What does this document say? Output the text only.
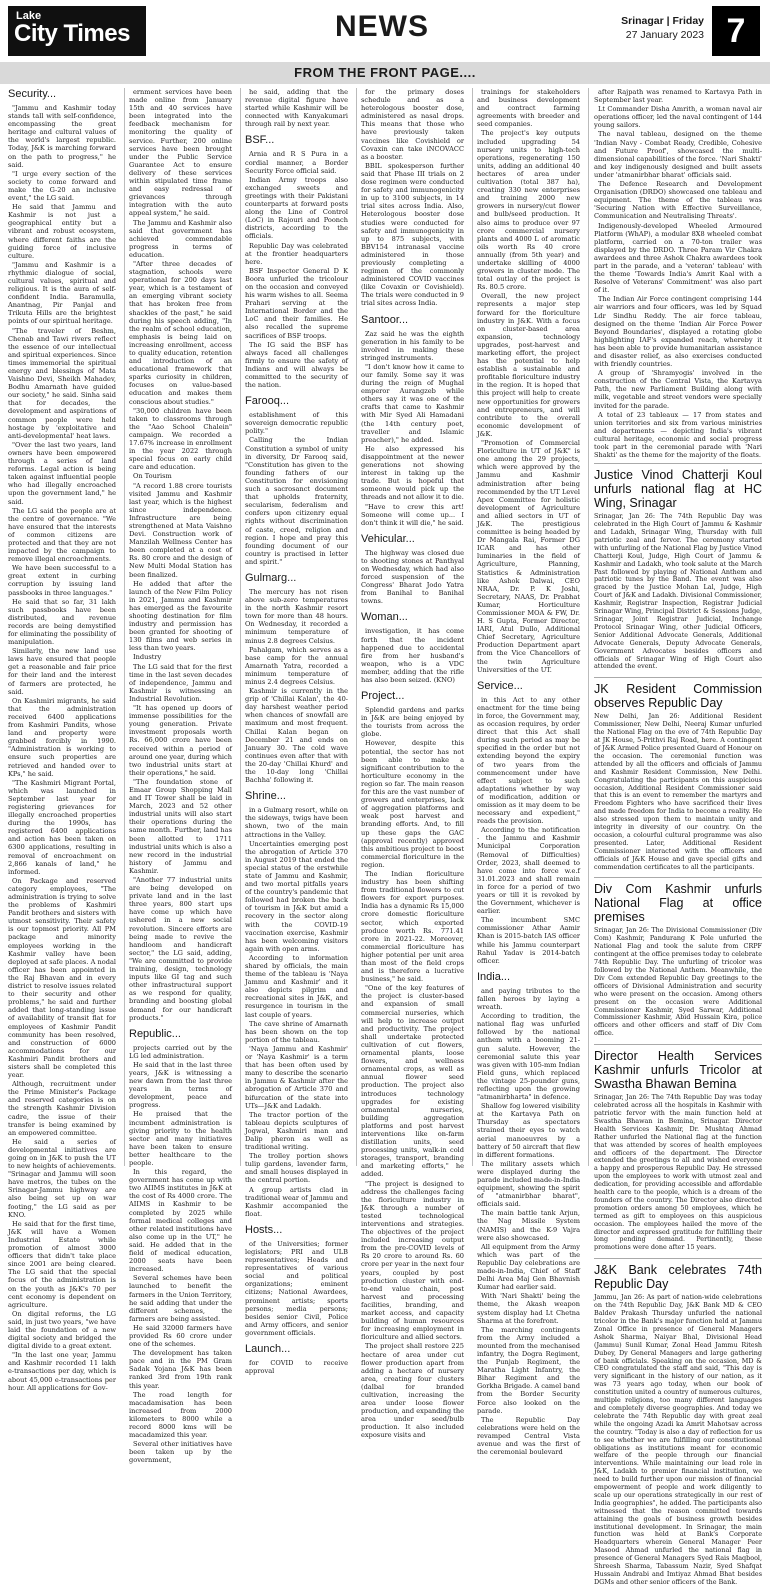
Lake
City Times	NEWS	Srinagar | Friday
27 January 2023 7
FROM THE FRONT PAGE....
Security...
"Jammu and Kashmir today stands tall with self-confidence, encompassing the great heritage and cultural values of the world's largest republic. Today, J&K is marching forward on the path to progress," he said.
"I urge every section of the society to come forward and make the G-20 an inclusive event," the LG said.
He said that Jammu and Kashmir is not just a geographical entity but a vibrant and robust ecosystem, where different faiths are the guiding force of inclusive culture.
"Jammu and Kashmir is a rhythmic dialogue of social, cultural values, spiritual and religious. It is the aura of self-confident India. Baramulla, Anantnag, Pir Panjal and Trikuta Hills are the brightest points of our spiritual heritage.
"The traveler of Beshm, Chenab and Tawi rivers reflect the essence of our intellectual and spiritual experiences. Since times immemorial the spiritual energy and blessings of Mata Vaishno Devi, Sheikh Mahadev, Bodhu Amarnath have guided our society," he said. Sinha said that for decades, the development and aspirations of common people were held hostage by 'exploitative and anti-developmental' heat laws.
"Over the last two years, land owners have been empowered through a series of land reforms. Legal action is being taken against influential people who had illegally encroached upon the government land," he said.
The LG said the people are at the centre of governance. "We have ensured that the interests of common citizens are protected and that they are not impacted by the campaign to remove illegal encroachments.
We have been successful to a great extent in curbing corruption by issuing land passbooks in three languages."
He said that so far, 31 lakh such passbooks have been distributed, and revenue records are being demystified for eliminating the possibility of manipulation.
Similarly, the new land use laws have ensured that people get a reasonable and fair price for their land and the interest of farmers are protected, he said.
On Kashmiri migrants, he said that the administration received 6400 applications from Kashmiri Pandits, whose land and property were grabbed forcibly in 1990. "Administration is working to ensure such properties are retrieved and handed over to KPs," he said.
"The Kashmiri Migrant Portal, which was launched in September last year for registering grievances for illegally encroached properties during the 1990s, has registered 6400 applications and action has been taken on 6300 applications, resulting in removal of encroachment on 2,866 kanals of land," he informed.
On Package and reserved category employees, "The administration is trying to solve the problems of Kashmiri Pandit brothers and sisters with utmost sensitivity. Their safety is our topmost priority. All PM package and minority employees working in the Kashmir valley have been deployed at safe places. A nodal officer has been appointed in the Raj Bhavan and in every district to resolve issues related to their security and other problems," he said and further added that long-standing issue of availability of transit flat for employees of Kashmir Pandit community has been resolved, and construction of 6000 accommodations for our Kashmiri Pandit brothers and sisters shall be completed this year.
Although, recruitment under the Prime Minister's Package and reserved categories is on the strength Kashmir Division cadre, the issue of their transfer is being examined by an empowered committee.
He said a series of developmental initiatives are going on in J&K to push the UT to new heights of achievements. "Srinagar and Jammu will soon have metros, the tubes on the Srinagar-Jammu highway are also being set up on war footing," the LG said as per KNO.
He said that for the first time, J&K will have a Women Industrial Estate while promotion of almost 3000 officers that didn't take place since 2001 are being cleared. The LG said that the special focus of the administration is on the youth as J&K's 70 per cent economy is dependent on agriculture.
On digital reforms, the LG said, in just two years, "we have laid the foundation of a new digital society and bridged the digital divide to a great extent.
"In the last one year, Jammu and Kashmir recorded 11 lakh e-transactions per day, which is about 45,000 e-transactions per hour. All applications for Gov-
ernment services have been made online from January 15th and 40 services have been integrated into the feedback mechanism for monitoring the quality of service. Further, 200 online services have been brought under the Public Service Guarantee Act to ensure delivery of these services within stipulated time frame and easy redressal of grievances through integration with the auto appeal system," he said.
The Jammu and Kashmir also said that government has achieved commendable progress in terms of education.
"After three decades of stagnation, schools were operational for 200 days last year, which is a testament of an emerging vibrant society that has broken free from shackles of the past," he said during his speech adding, "In the realm of school education, emphasis is being laid on increasing enrollment, access to quality education, retention and introduction of an educational framework that sparks curiosity in children, focuses on value-based education and makes them conscious about studies."
"30,000 children have been taken to classrooms through the "Aao School Chalein" campaign. We recorded a 17.67% increase in enrollment in the year 2022 through special focus on early child care and education.
On Tourism
"A record 1.88 crore tourists visited Jammu and Kashmir last year, which is the highest since independence. Infrastructure are being strengthened at Mata Vaishno Devi. Construction work of Manzilah Wellness Center has been completed at a cost of Rs. 80 crore and the design of New Multi Modal Station has been finalized.
He added that after the launch of the New Film Policy in 2021, Jammu and Kashmir has emerged as the favourite shooting destination for film industry and permission has been granted for shooting of 130 films and web series in less than two years.
Industry
The LG said that for the first time in the last seven decades of independence, Jammu and Kashmir is witnessing an Industrial Revolution.
"It has opened up doors of immense possibilities for the young generation. Private investment proposals worth Rs. 66,000 crore have been received within a period of around one year, during which two industrial units start at their operations," he said.
"The foundation stone of Emaar Group Shopping Mall and IT Tower shall be laid in March, 2023 and 52 other industrial units will also start their operations during the same month. Further, land has been allotted to 1711 industrial units which is also a new record in the industrial history of Jammu and Kashmir.
"Another 77 industrial units are being developed on private land and in the last three years, 800 start ups have come up which have ushered in a new social revolution. Sincere efforts are being made to revive the handloom and handicraft sector," the LG said, adding, "We are committed to provide training, design, technology inputs like GI tag and such other infrastructural support as we respond for quality, branding and boosting global demand for our handicraft products."
Republic...
projects carried out by the LG led administration.
He said that in the last three years, J&K is witnessing a new dawn from the last three years in terms of development, peace and progress.
He praised that the incumbent administration is giving priority to the health sector and many initiatives have been taken to ensure better healthcare to the people.
In this regard, the government has come up with two AIIMS institutes in J&K at the cost of Rs 4000 crore. The AIIMS in Kashmir to be completed by 2025 while formal medical colleges and other related institutions have also come up in the UT," he said. He added that in the field of medical education, 2000 seats have been increased.
Several schemes have been launched to benefit the farmers in the Union Territory, he said adding that under the different schemes, the farmers are being assisted.
He said 32000 farmers have provided Rs 60 crore under one of the schemes.
The development has taken pace and in the PM Gram Sadak Yojana J&K has been ranked 3rd from 19th rank this year.
The road length for macadamisation has been increased from 2000 kilometers to 8000 while a record 8000 kms will be macadamized this year.
Several other initiatives have been taken up by the government,
he said, adding that the revenue digital figure have started while Kashmir will be connected with Kanyakumari through rail by next year.
BSF...
Arnia and R S Pura in a cordial manner, a Border Security Force official said.
Indian Army troops also exchanged sweets and greetings with their Pakistani counterparts at forward posts along the Line of Control (LoC) in Rajouri and Poonch districts, according to the officials.
Republic Day was celebrated at the frontier headquarters here.
BSF Inspector General D K Boora unfurled the tricolour on the occasion and conveyed his warm wishes to all. Seema Prahari serving at the International Border and the LoC and their families. He also recalled the supreme sacrifices of BSF troops.
The IG said the BSF has always faced all challenges firmly to ensure the safety of Indians and will always be committed to the security of the nation.
Farooq...
establishment of this sovereign democratic republic polity."
Calling the Indian Constitution a symbol of unity in diversity, Dr Farooq said, "Constitution has given to the founding fathers of our Constitution for envisioning such a sacrosanct document that upholds fraternity, secularism, federalism and confers upon citizenry equal rights without discrimination of caste, creed, religion and region. I hope and pray this founding document of our country is practised in letter and spirit."
Gulmarg...
The mercury has not risen above sub-zero temperatures in the north Kashmir resort town for more than 48 hours. On Wednesday, it recorded a minimum temperature of minus 2.8 degrees Celsius.
Pahalgam, which serves as a base camp for the annual Amarnath Yatra, recorded a minimum temperature of minus 2.4 degrees Celsius.
Kashmir is currently in the grip of 'Chillai Kalan', the 40-day harshest weather period when chances of snowfall are maximum and most frequent. Chillai Kalan began on December 21 and ends on January 30. The cold wave continues even after that with the 20-day 'Chillai Khurd' and the 10-day long 'Chillai Bachha' following it.
Shrine...
in a Gulmarg resort, while on the sideways, twigs have been shown, two of the main attractions in the Valley.
Uncertainties emerging post the abrogation of Article 370 in August 2019 that ended the special status of the erstwhile state of Jammu and Kashmir, and two mortal pitfalls years of the country's pandemic that followed had broken the back of tourism in J&K but amid a recovery in the sector along with the COVID-19 vaccination exercise, Kashmir has been welcoming visitors again with open arms.
According to information shared by officials, the main theme of the tableau is 'Naya Jammu and Kashmir' and it also depicts pilgrim and recreational sites in J&K, and resurgence in tourism in the last couple of years.
The cave shrine of Amarnath has been shown on the top portion of the tableau.
'Naya Jammu and Kashmir' or 'Naya Kashmir' is a term that has been often used by many to describe the scenario in Jammu & Kashmir after the abrogation of Article 370 and bifurcation of the state into UTs—J&K and Ladakh.
The tractor portion of the tableau depicts sculptures of Jogwal, Kashmiri man and Dalip pheron as well as traditional writing.
The trolley portion shows tulip gardens, lavender farm, and small houses displayed in the central portion.
A group artists clad in traditional wear of Jammu and Kashmir accompanied the float.
Hosts...
of the Universities; former legislators; PRI and ULB representatives; Heads and representatives of various social and political organizations; eminent citizens; National Awardees, prominent artists; sports persons; media persons; besides senior Civil, Police and Army officers, and senior government officials.
Launch...
for COVID to receive approval
for the primary doses schedule and as a heterologous booster dose, administered as nasal drops. This means that those who have previously taken vaccines like Covishield or Covaxin can take iNCOVACC as a booster.
BBIL spokesperson further said that Phase III trials on 2 dose regimen were conducted for safety and immunogenicity in up to 3100 subjects, in 14 trial sites across India. Also, Heterologous booster dose studies were conducted for safety and immunogenicity in up to 875 subjects, with BBV154 intranasal vaccine administered in those previously completing a regimen of the commonly administered COVID vaccines (like Covaxin or Covishield). The trials were conducted in 9 trial sites across India.
Santoor...
Zaz said he was the eighth generation in his family to be involved in making these stringed instruments.
"I don't know how it came to our family. Some say it was during the reign of Mughal emperor Aurangzeb while others say it was one of the crafts that came to Kashmir with Mir Syed Ali Hamadani (the 14th century poet, traveller and Islamic preacher)," he added.
He also expressed his disappointment at the newer generations not showing interest in taking up the trade. But is hopeful that someone would pick up the threads and not allow it to die.
"Have to crew this art! Someone will come up... I don't think it will die," he said.
Vehicular...
The highway was closed due to shooting stones at Panthyal on Wednesday, which had also forced suspension of the Congress' Bharat Jodo Yatra from Banihal to Banihal towns.
Woman...
investigation, it has come forth that the incident happened due to accidental fire from her husband's weapon, who is a VDC member, adding that the rifle has also been seized. (KNO)
Project...
Splendid gardens and parks in J&K are being enjoyed by the tourists from across the globe.
However, despite this potential, the sector has not been able to make a significant contribution to the horticulture economy in the region so far. The main reason for this are the vast number of growers and enterprises, lack of aggregation platforms and weak post harvest and branding efforts. And, to fill up these gaps the GAC (approval recently) approved this ambitious project to boost commercial floriculture in the region.
The Indian floriculture industry has been shifting from traditional flowers to cut flowers for export purposes. India has a dynamic Rs 15,000 crore domestic floriculture sector, which exported produce worth Rs. 771.41 crore in 2021-22. Moreover, commercial floriculture has higher potential per unit area than most of the field crops and is therefore a lucrative business," he said.
"One of the key features of the project is cluster-based and expansion of small commercial nurseries, which will help to increase output and productivity. The project shall undertake protected cultivation of cut flowers, ornamental plants, loose flowers, and wellness ornamental crops, as well as annual flower seed production. The project also introduces technology upgrades for existing ornamental nurseries, building aggregation platforms and post harvest interventions like on-farm distillation units, seed processing units, walk-in cold storages, transport, branding and marketing efforts," he added.
"The project is designed to address the challenges facing the floriculture industry in J&K through a number of tested technological interventions and strategies. The objectives of the project included increasing output from the pre-COVID levels of Rs 20 crore to around Rs. 60 crore per year in the next four years, coupled by post production cluster with end-to-end value chain, post harvest and processing facilities, branding, and market access, and capacity building of human resources for increasing employment in floriculture and allied sectors.
The project shall restore 225 hectare of area under cut flower production apart from adding a hectare of nursery area, creating four clusters (dalbal for branded cultivation, increasing the area under loose flower production, and expanding the area under seed/bulb production. It also included exposure visits and
trainings for stakeholders and business development and contract farming agreements with breeder and seed companies.
The project's key outputs included upgrading 54 nursery units to high-tech operations, regenerating 150 units, adding an additional 40 hectares of area under cultivation (total 387 ha), creating 330 new enterprises and training 2000 new growers in nursery/cut flower and bulb/seed production. It also aims to produce over 97 crore commercial nursery plants and 4000 L of aromatic oils worth Rs 40 crore annually (from 5th year) and undertake skilling of 4000 growers in cluster mode. The total outlay of the project is Rs. 80.5 crore.
Overall, the new project represents a major step forward for the floriculture industry in J&K. With a focus on cluster-based area expansion, technology upgrades, post-harvest and marketing effort, the project has the potential to help establish a sustainable and profitable floriculture industry in the region. It is hoped that this project will help to create new opportunities for growers and entrepreneurs, and will contribute to the overall economic development of J&K.
"Promotion of Commercial Floriculture in UT of J&K" is one among the 29 projects, which were approved by the Jammu and Kashmir administration after being recommended by the UT Level Apex Committee for holistic development of Agriculture and allied sectors in UT of J&K. The prestigious committee is being headed by Dr Mangala Rai, Former DG ICAR and has other luminaries in the field of Agriculture, Planning, Statistics & Administration like Ashok Dalwai, CEO NRAA, Dr. P. K Joshi, Secretary, NAAS, Dr. Prabhat Kumar, Horticulture Commissioner MOA & FW, Dr. H. S Gupta, Former Director, IARI, Atul Dullo, Additional Chief Secretary, Agriculture Production Department apart from the Vice Chancellors of the twin Agriculture Universities of the UT.
Service...
in this Act to any other enactment for the time being in force, the Government may, as occasion requires, by order direct that this Act shall during such period as may be specified in the order but not extending beyond the expiry of two years from the commencement under have effect subject to such adaptations whether by way of modification, addition or omission as it may deem to be necessary and expedient," reads the provision.
According to the notification - the Jammu and Kashmir Municipal Corporation (Removal of Difficulties) Order, 2023, shall deemed to have come into force w.e.f 31.01.2023 and shall remain in force for a period of two years or till it is revoked by the Government, whichever is earlier.
The incumbent SMC commissioner Athar Aamir Khan is 2015-batch IAS officer while his Jammu counterpart Rahul Yadav is 2014-batch officer.
India...
and paying tributes to the fallen heroes by laying a wreath.
According to tradition, the national flag was unfurled followed by the national anthem with a booming 21-gun salute. However, the ceremonial salute this year was given with 105-mm Indian Field guns, which replaced the vintage 25-pounder guns, reflecting upon the growing "atmanirbharta" in defence.
Shallow fog lowered visibility at the Kartavya Path on Thursday as spectators strained their eyes to watch aerial manoeuvres by a battery of 50 aircraft that flew in different formations.
The military assets which were displayed during the parade included made-in-India equipment, showing the spirit of "atmanirbhar bharat", officials said.
The main battle tank Arjun, the Nag Missile System (NAMIS) and the K-9 Vajra were also showcased.
All equipment from the Army which was part of the Republic Day celebrations are made-in-India, Chief of Staff Delhi Area Maj Gen Bhavnish Kumar had earlier said.
With 'Nari Shakti' being the theme, the Akash weapon system display had Lt Chetna Sharma at the forefront.
The marching contingents from the Army included a mounted from the mechanised infantry, the Dogra Regiment, the Punjab Regiment, the Maratha Light Infantry, the Bihar Regiment and the Gorkha Brigade. A camel band from the Border Security Force also looked on the parade.
The Republic Day celebrations were held on the revamped Central Vista avenue and was the first of the ceremonial boulevard
after Rajpath was renamed to Kartavya Path in September last year.
Lt Commander Disha Amrith, a woman naval air operations officer, led the naval contingent of 144 young sailors.
The naval tableau, designed on the theme 'Indian Navy - Combat Ready, Credible, Cohesive and Future Proof', showcased the multi-dimensional capabilities of the force. 'Nari Shakti' and key indigenously designed and built assets under 'atmanirbhar bharat' officials said.
The Defence Research and Development Organisation (DRDO) showcased one tableau and equipment. The theme of the tableau was 'Securing Nation with Effective Surveillance, Communication and Neutralising Threats'.
Indigenously-developed Wheeled Armoured Platform (WhAP), a modular 8X8 wheeled combat platform, carried on a 70-ton trailer was displayed by the DRDO. Three Param Vir Chakra awardees and three Ashok Chakra awardees took part in the parade, and a 'veteran' tableau' with the theme 'Towards India's Amrit Kaal with a Resolve of Veterans' Commitment' was also part of it.
The Indian Air Force contingent comprising 144 air warriors and four officers, was led by Squad Ldr Sindhu Reddy. The air force tableau, designed on the theme 'Indian Air Force Power Beyond Boundaries', displayed a rotating globe highlighting IAF's expanded reach, whereby it has been able to provide humanitarian assistance and disaster relief, as also exercises conducted with friendly countries.
A group of 'Shramyogis' involved in the construction of the Central Vista, the Kartavya Path, the new Parliament Building along with milk, vegetable and street vendors were specially invited for the parade.
A total of 23 tableaux — 17 from states and union territories and six from various ministries and departments — depicting India's vibrant cultural heritage, economic and social progress took part in the ceremonial parade with 'Nari Shakti' as the theme for the majority of the floats.
Justice Vinod Chatterji Koul unfurls national flag at HC Wing, Srinagar
Srinagar, Jan 26: The 74th Republic Day was celebrated in the High Court of Jammu & Kashmir and Ladakh, Srinagar Wing, Thursday with full patriotic zeal and fervor. The ceremony started with unfurling of the National Flag by Justice Vinod Chatterji Koul, Judge, High Court of Jammu & Kashmir and Ladakh, who took salute at the March Past followed by playing of National Anthem and patriotic tunes by the Band. The event was also graced by the Justice Mohan Lal, Judge, High Court of J&K and Ladakh. Divisional Commissioner, Kashmir, Registrar Inspection, Registrar Judicial Srinagar Wing, Principal District & Sessions Judge, Srinagar, Joint Registrar Judicial, Inchange Protocol Srinagar Wing, other Judicial Officers, Senior Additional Advocate Generals, Additional Advocate Generals, Deputy Advocate Generals, Government Advocates besides officers and officials of Srinagar Wing of High Court also attended the event.
JK Resident Commission observes Republic Day
New Delhi, Jan 26: Additional Resident Commissioner, New Delhi, Neeraj Kumar unfurled the National Flag on the eve of 74th Republic Day at JK House, 5-Prithvi Raj Road, here. A contingent of J&K Armed Police presented Guard of Honour on the occasion. The ceremonial function was attended by all the officers and officials of Jammu and Kashmir Resident Commission, New Delhi. Congratulating the participants on this auspicious occasion, Additional Resident Commissioner said that this is an event to remember the martyrs and Freedom Fighters who have sacrificed their lives and made freedom for India to become a reality. He also stressed upon them to maintain unity and integrity in diversity of our country. On the occasion, a colourful cultural programme was also presented. Later, Additional Resident Commissioner interacted with the officers and officials of J&K House and gave special gifts and commendation certificates to all the participants.
Div Com Kashmir unfurls National Flag at office premises
Srinagar, Jan 26: The Divisional Commissioner (Div Com) Kashmir, Pandurang K Pole unfurled the National Flag and took the salute from CRPF contingent at the office premises today to celebrate 74th Republic Day. The unfurling of tricolor was followed by the National Anthem. Meanwhile, the Div Com extended Republic Day greetings to the officers of Divisional Administration and security who were present on the occasion. Among others present on the occasion were Additional Commissioner Kashmir, Syed Sarwar, Additional Commissioner Kashmir, Abid Hussain Kira, police officers and other officers and staff of Div Com office.
Director Health Services Kashmir unfurls Tricolor at Swastha Bhawan Bemina
Srinagar, Jan 26: The 74th Republic Day was today celebrated across all the hospitals in Kashmir with patriotic fervor with the main function held at Swastha Bhawan in Bemina, Srinagar. Director Health Services Kashmir, Dr. Mushtaq Ahmad Rather unfurled the National flag at the function that was attended by scores of health employees and officers of the department. The Director extended the greetings to all and wished everyone a happy and prosperous Republic Day. He stressed upon the employees to work with utmost zeal and dedication, for providing accessible and affordable health care to the people, which is a dream of the founders of the country. The Director also directed promotion orders among 50 employees, which he termed as gift to employees on this auspicious occasion. The employees hailed the move of the director and expressed gratitude for fulfilling their long pending demand. Pertinently, these promotions were done after 15 years.
J&K Bank celebrates 74th Republic Day
Jammu, Jan 26: As part of nation-wide celebrations on the 74th Republic Day, J&K Bank MD & CEO Baldev Prakash Thursday unfurled the national tricolor in the Bank's major function held at Jammu Zonal Office in presence of General Managers Ashok Sharma, Naiyar Bhal, Divisional Head (Jammu) Sunil Kumar, Zonal Head Jammu Ritesh Dubey, Dy General Managers and large gathering of bank officials. Speaking on the occasion, MD & CEO congratulated the staff and said, "This day is very significant in the history of our nation, as it was 73 years ago today, when our book of constitution united a country of numerous cultures, multiple religions, too many different languages and completely diverse geographies. And today we celebrate the 74th Republic day with great zeal while the ongoing Azadi ka Amrit Mahotsav across the country. "Today is also a day of reflection for us to see whether we are fulfilling our constitutional obligations as institutions meant for economic welfare of the people through our financial interventions. While maintaining our lead role in J&K, Ladakh to premier financial institution, we need to build further upon our mission of financial empowerment of people and work diligently to scale up our operations strategically in our rest of India geographies", he added. The participants also witnessed that the reason committed towards attaining the goals of business growth besides institutional development. In Srinagar, the main function was held at Bank's Corporate Headquarters wherein General Manager Peer Masood Ahmad unfurled the national flag in presence of General Managers Syed Rais Maqbool, Shreesh Sharma, Tabassum Nazir, Syed Shafqat Hussain Andrabi and Imtiyaz Ahmad Bhat besides DGMs and other senior officers of the Bank.
